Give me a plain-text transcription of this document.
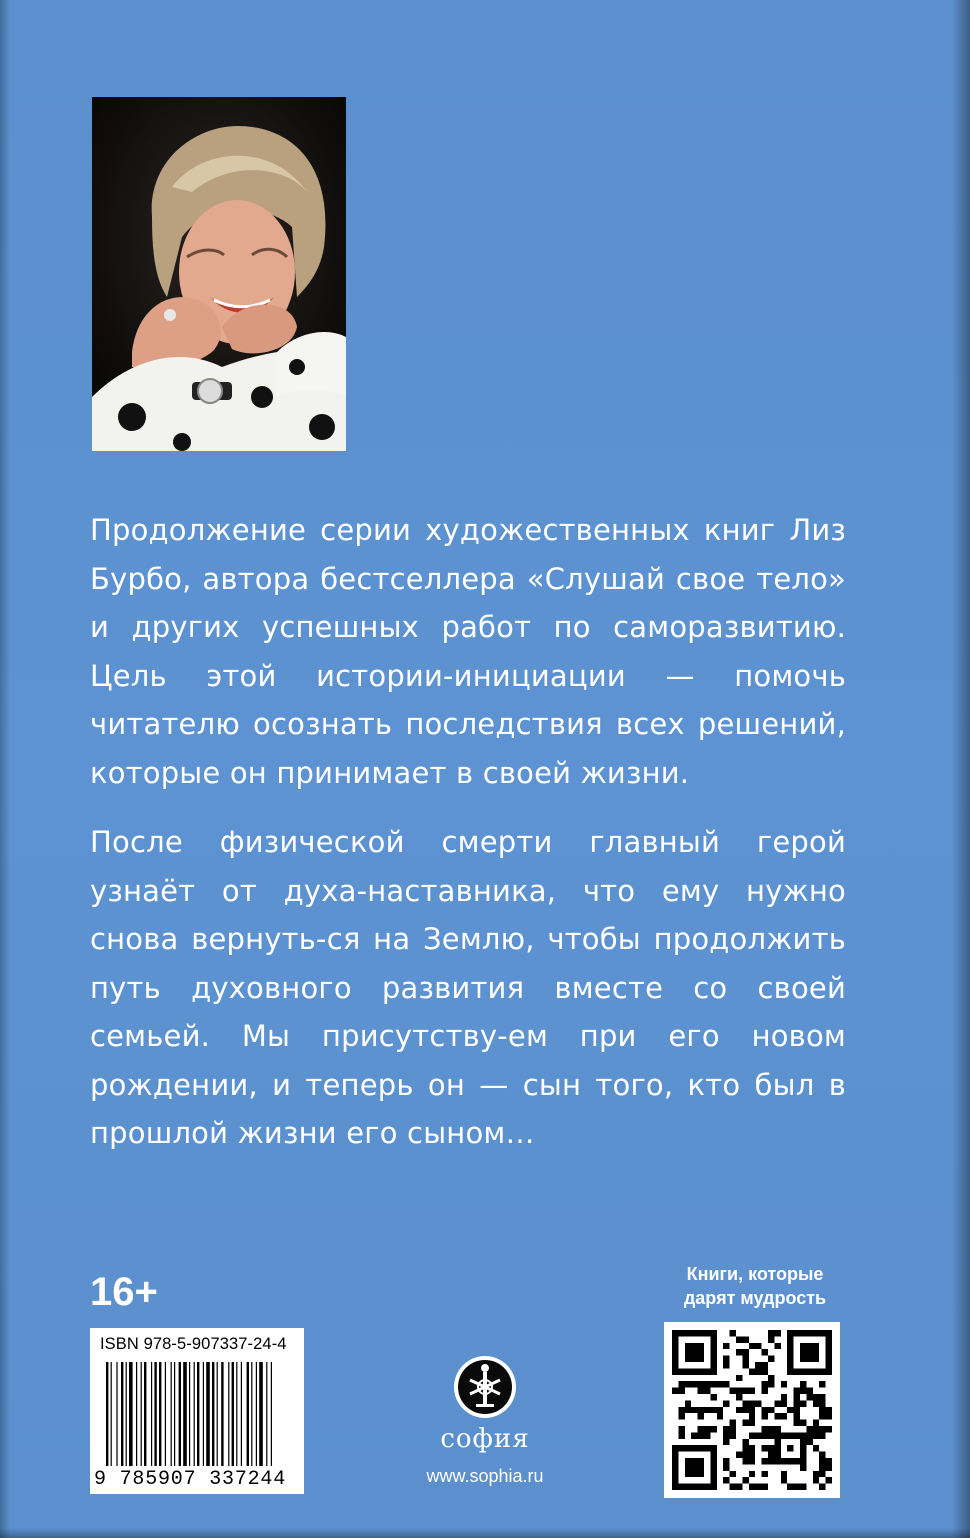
Продолжение серии художественных книг Лиз Бурбо, автора бестселлера «Слушай свое тело» и других успешных работ по саморазвитию. Цель этой истории-инициации — помочь читателю осознать последствия всех решений, которые он принимает в своей жизни.
После физической смерти главный герой узнаёт от духа-наставника, что ему нужно снова вернуть-ся на Землю, чтобы продолжить путь духовного развития вместе со своей семьей. Мы присутству-ем при его новом рождении, и теперь он — сын того, кто был в прошлой жизни его сыном…
16+
ISBN 978-5-907337-24-4
9 785907 337244
софия
www.sophia.ru
Книги, которые
дарят мудрость
